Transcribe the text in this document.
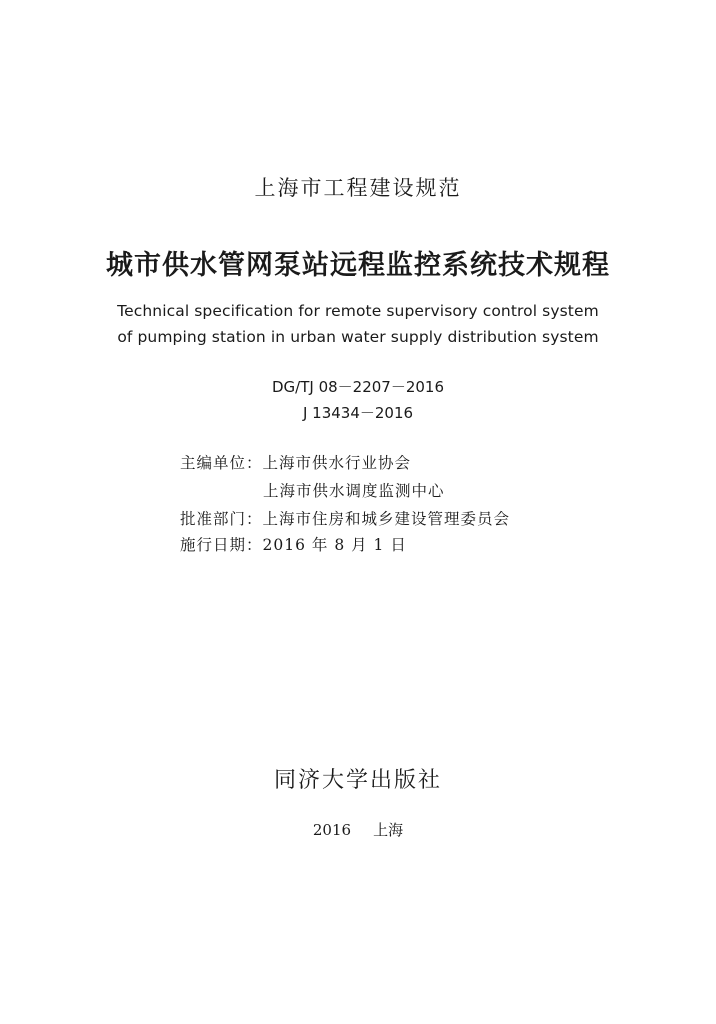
上海市工程建设规范
城市供水管网泵站远程监控系统技术规程
Technical specification for remote supervisory control system
of pumping station in urban water supply distribution system
DG/TJ 08－2207－2016
J 13434－2016
主编单位：上海市供水行业协会
上海市供水调度监测中心
批准部门：上海市住房和城乡建设管理委员会
施行日期：2016 年 8 月 1 日
同济大学出版社
2016 上海
